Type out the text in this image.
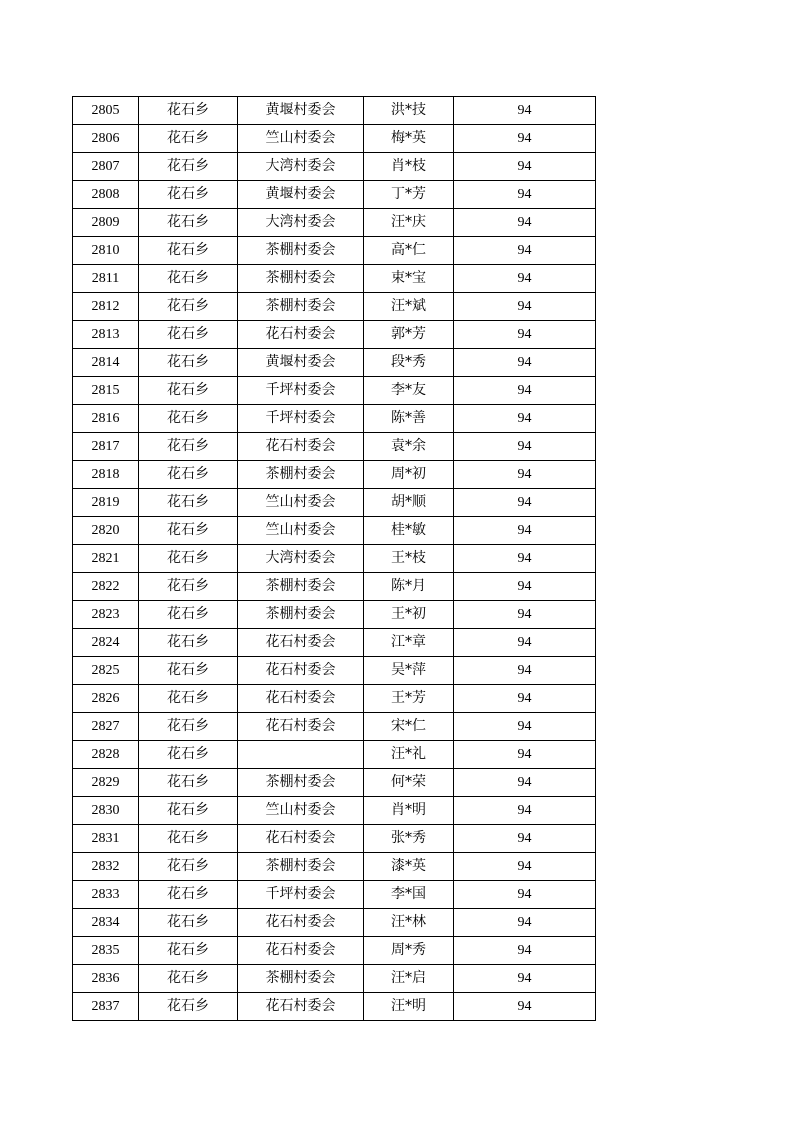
2805	花石乡	黄堰村委会	洪*技	94
2806	花石乡	竺山村委会	梅*英	94
2807	花石乡	大湾村委会	肖*枝	94
2808	花石乡	黄堰村委会	丁*芳	94
2809	花石乡	大湾村委会	汪*庆	94
2810	花石乡	茶棚村委会	高*仁	94
2811	花石乡	茶棚村委会	束*宝	94
2812	花石乡	茶棚村委会	汪*斌	94
2813	花石乡	花石村委会	郭*芳	94
2814	花石乡	黄堰村委会	段*秀	94
2815	花石乡	千坪村委会	李*友	94
2816	花石乡	千坪村委会	陈*善	94
2817	花石乡	花石村委会	袁*余	94
2818	花石乡	茶棚村委会	周*初	94
2819	花石乡	竺山村委会	胡*顺	94
2820	花石乡	竺山村委会	桂*敏	94
2821	花石乡	大湾村委会	王*枝	94
2822	花石乡	茶棚村委会	陈*月	94
2823	花石乡	茶棚村委会	王*初	94
2824	花石乡	花石村委会	江*章	94
2825	花石乡	花石村委会	吴*萍	94
2826	花石乡	花石村委会	王*芳	94
2827	花石乡	花石村委会	宋*仁	94
2828	花石乡		汪*礼	94
2829	花石乡	茶棚村委会	何*荣	94
2830	花石乡	竺山村委会	肖*明	94
2831	花石乡	花石村委会	张*秀	94
2832	花石乡	茶棚村委会	漆*英	94
2833	花石乡	千坪村委会	李*国	94
2834	花石乡	花石村委会	汪*林	94
2835	花石乡	花石村委会	周*秀	94
2836	花石乡	茶棚村委会	汪*启	94
2837	花石乡	花石村委会	汪*明	94
